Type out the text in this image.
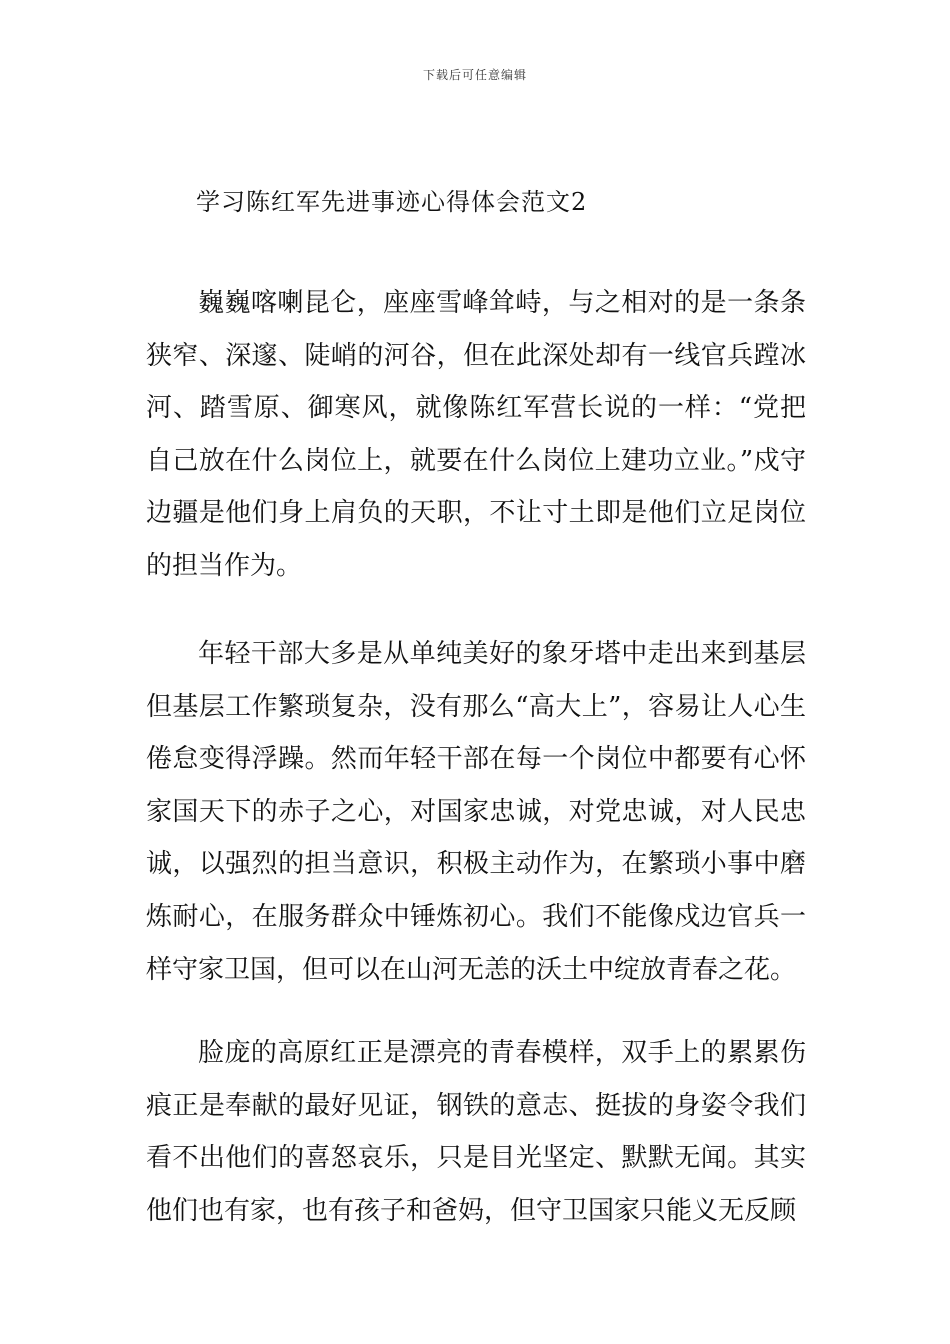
下载后可任意编辑
学习陈红军先进事迹心得体会范文2

巍巍喀喇昆仑，座座雪峰耸峙，与之相对的是一条条狭窄、深邃、陡峭的河谷，但在此深处却有一线官兵蹚冰河、踏雪原、御寒风，就像陈红军营长说的一样：“党把自己放在什么岗位上，就要在什么岗位上建功立业。”戍守边疆是他们身上肩负的天职，不让寸土即是他们立足岗位的担当作为。

年轻干部大多是从单纯美好的象牙塔中走出来到基层但基层工作繁琐复杂，没有那么“高大上”，容易让人心生倦怠变得浮躁。然而年轻干部在每一个岗位中都要有心怀家国天下的赤子之心，对国家忠诚，对党忠诚，对人民忠诚，以强烈的担当意识，积极主动作为，在繁琐小事中磨炼耐心，在服务群众中锤炼初心。我们不能像戍边官兵一样守家卫国，但可以在山河无恙的沃土中绽放青春之花。

脸庞的高原红正是漂亮的青春模样，双手上的累累伤痕正是奉献的最好见证，钢铁的意志、挺拔的身姿令我们看不出他们的喜怒哀乐，只是目光坚定、默默无闻。其实他们也有家，也有孩子和爸妈，但守卫国家只能义无反顾
